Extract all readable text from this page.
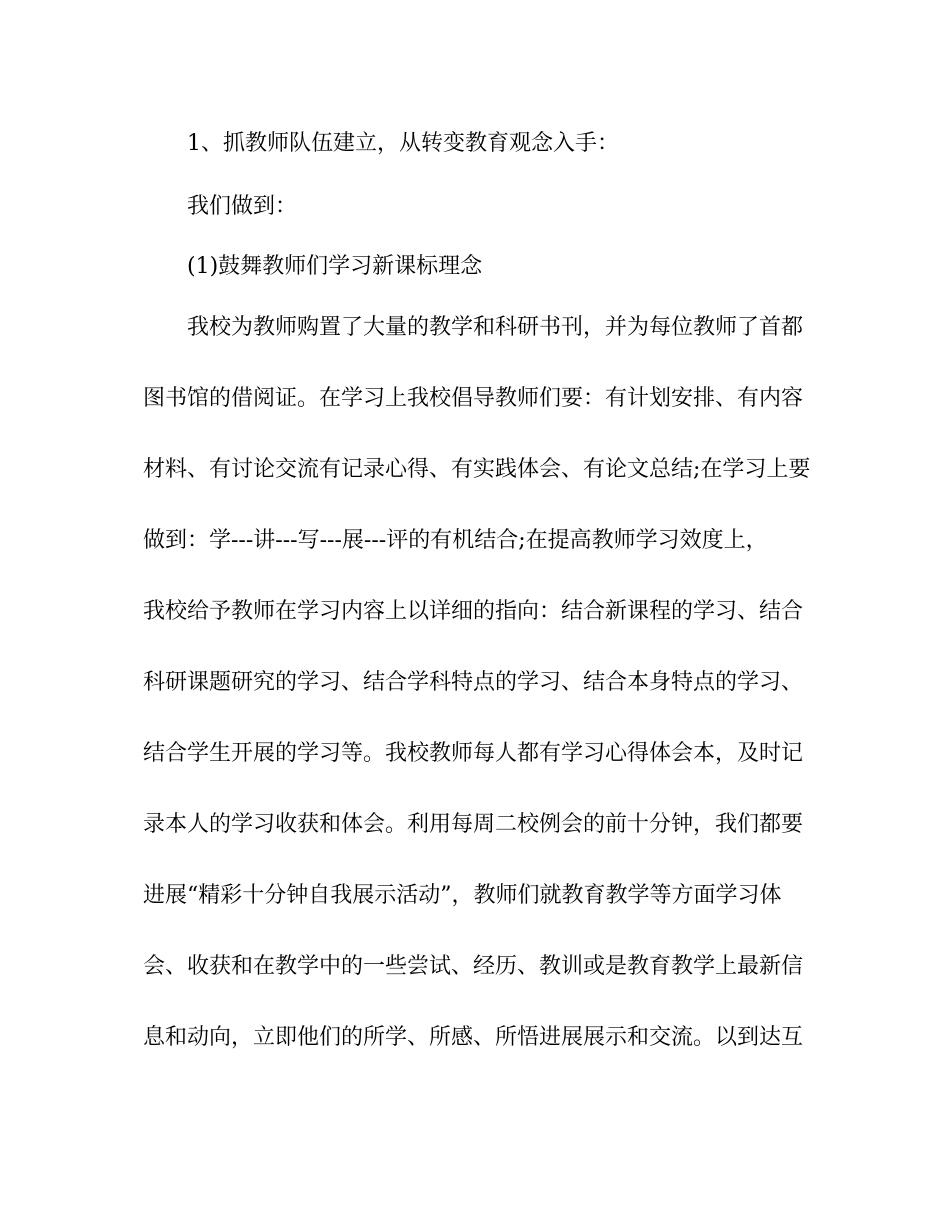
1、抓教师队伍建立，从转变教育观念入手：
我们做到：
(1)鼓舞教师们学习新课标理念
我校为教师购置了大量的教学和科研书刊，并为每位教师了首都
图书馆的借阅证。在学习上我校倡导教师们要：有计划安排、有内容
材料、有讨论交流有记录心得、有实践体会、有论文总结;在学习上要
做到：学---讲---写---展---评的有机结合;在提高教师学习效度上，
我校给予教师在学习内容上以详细的指向：结合新课程的学习、结合
科研课题研究的学习、结合学科特点的学习、结合本身特点的学习、
结合学生开展的学习等。我校教师每人都有学习心得体会本，及时记
录本人的学习收获和体会。利用每周二校例会的前十分钟，我们都要
进展“精彩十分钟自我展示活动”，教师们就教育教学等方面学习体
会、收获和在教学中的一些尝试、经历、教训或是教育教学上最新信
息和动向，立即他们的所学、所感、所悟进展展示和交流。以到达互
